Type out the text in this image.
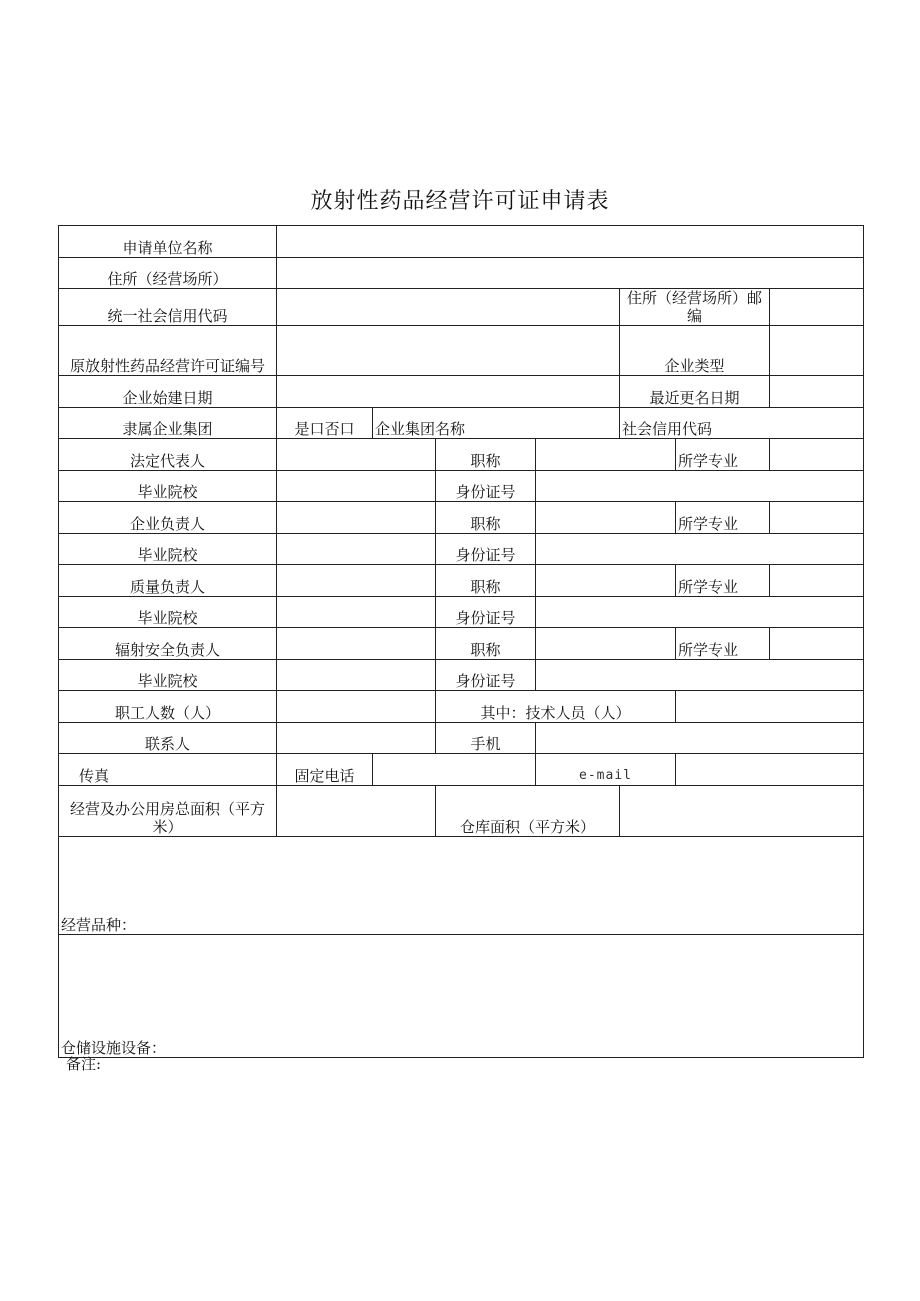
放射性药品经营许可证申请表
申请单位名称							
住所（经营场所）							
统一社会信用代码					住所（经营场所）邮编		
原放射性药品经营许可证编号					企业类型		
企业始建日期					最近更名日期		
隶属企业集团	是口否口	企业集团名称			社会信用代码		
法定代表人			职称			所学专业	
毕业院校			身份证号				
企业负责人			职称			所学专业	
毕业院校			身份证号				
质量负责人			职称			所学专业	
毕业院校			身份证号				
辐射安全负责人			职称			所学专业	
毕业院校			身份证号				
职工人数（人）			其中：技术人员（人）				
联系人			手机				
传真	固定电话			e-mail			
经营及办公用房总面积（平方米）			仓库面积（平方米）				
经营品种：							
仓储设施设备：							
备注:
